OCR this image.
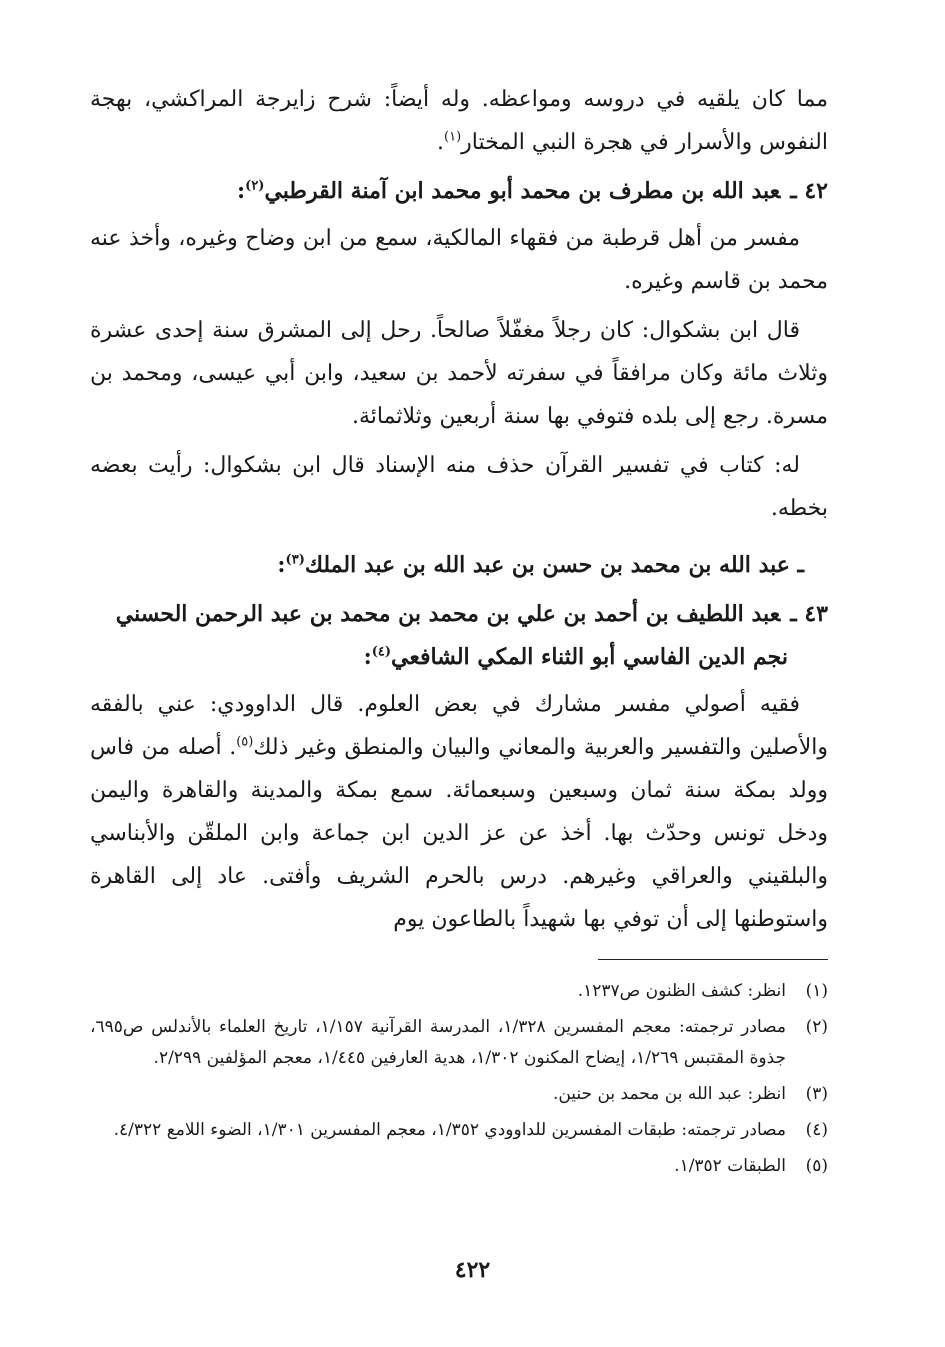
مما كان يلقيه في دروسه ومواعظه. وله أيضاً: شرح زايرجة المراكشي، بهجة النفوس والأسرار في هجرة النبي المختار$^{(١)}$.

٤٢ ـعبد الله بن مطرف بن محمد أبو محمد ابن آمنة القرطبي$^{(٢)}$:

مفسر من أهل قرطبة من فقهاء المالكية، سمع من ابن وضاح وغيره، وأخذ عنه محمد بن قاسم وغيره.

قال ابن بشكوال: كان رجلاً مغفّلاً صالحاً. رحل إلى المشرق سنة إحدى عشرة وثلاث مائة وكان مرافقاً في سفرته لأحمد بن سعيد، وابن أبي عيسى، ومحمد بن مسرة. رجع إلى بلده فتوفي بها سنة أربعين وثلاثمائة.

له: كتاب في تفسير القرآن حذف منه الإسناد قال ابن بشكوال: رأيت بعضه بخطه.

ـ عبد الله بن محمد بن حسن بن عبد الله بن عبد الملك$^{(٣)}$:

٤٣ ـعبد اللطيف بن أحمد بن علي بن محمد بن محمد بن عبد الرحمن الحسني نجم الدين الفاسي أبو الثناء المكي الشافعي$^{(٤)}$:

فقيه أصولي مفسر مشارك في بعض العلوم. قال الداوودي: عني بالفقه والأصلين والتفسير والعربية والمعاني والبيان والمنطق وغير ذلك$^{(٥)}$. أصله من فاس وولد بمكة سنة ثمان وسبعين وسبعمائة. سمع بمكة والمدينة والقاهرة واليمن ودخل تونس وحدّث بها. أخذ عن عز الدين ابن جماعة وابن الملقّن والأبناسي والبلقيني والعراقي وغيرهم. درس بالحرم الشريف وأفتى. عاد إلى القاهرة واستوطنها إلى أن توفي بها شهيداً بالطاعون يوم

(١)انظر: كشف الظنون ص١٢٣٧.

(٢)مصادر ترجمته: معجم المفسرين ١/٣٢٨، المدرسة القرآنية ١/١٥٧، تاريخ العلماء بالأندلس ص٦٩٥، جذوة المقتبس ١/٢٦٩، إيضاح المكنون ١/٣٠٢، هدية العارفين ١/٤٤٥، معجم المؤلفين ٢/٢٩٩.

(٣)انظر: عبد الله بن محمد بن حنين.

(٤)مصادر ترجمته: طبقات المفسرين للداوودي ١/٣٥٢، معجم المفسرين ١/٣٠١، الضوء اللامع ٤/٣٢٢.

(٥)الطبقات ١/٣٥٢.

٤٢٢
